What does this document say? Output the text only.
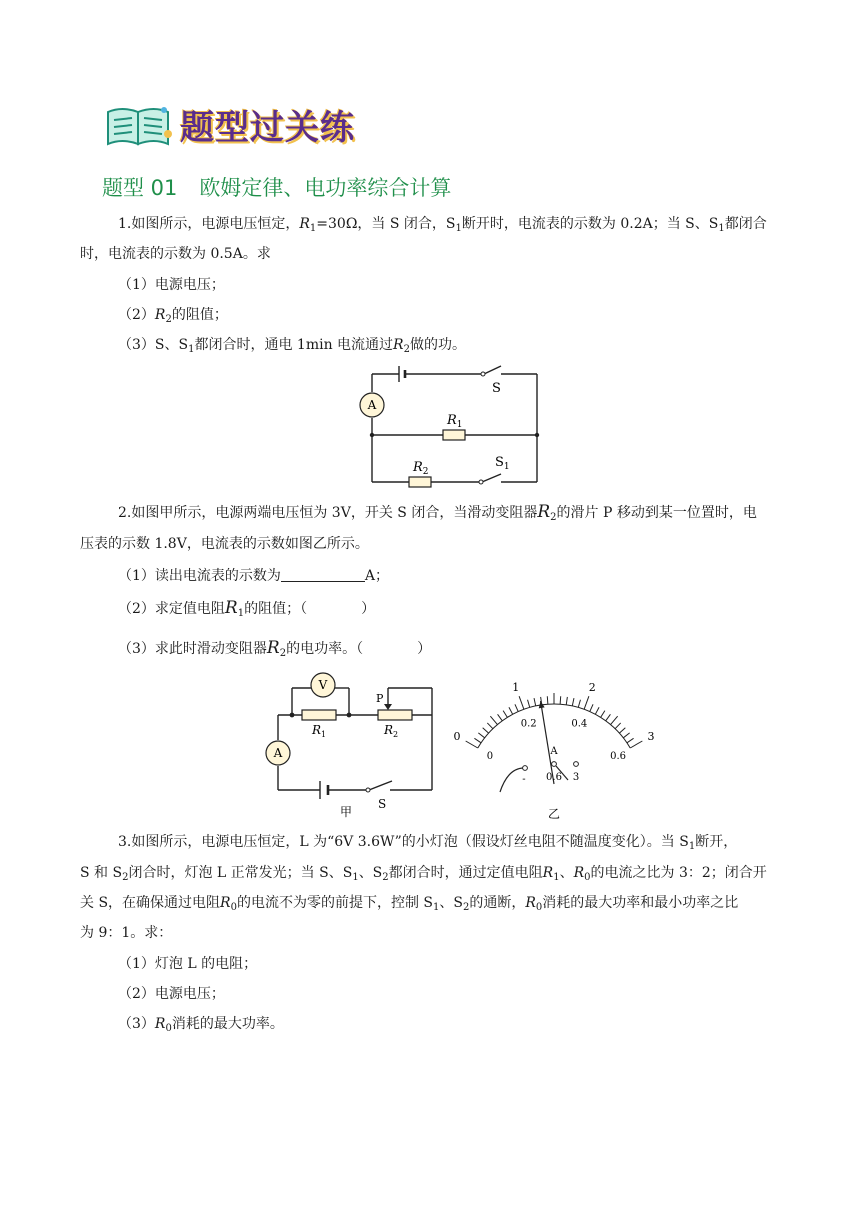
题型过关练
题型 01 欧姆定律、电功率综合计算
1.如图所示，电源电压恒定，$R_1=30\Omega$，当 S 闭合，$S_1$断开时，电流表的示数为 0.2A；当 S、$S_1$都闭合
时，电流表的示数为 0.5A。求
（1）电源电压；
$(2)R_2$的阻值；
（3）S、$S_1$都闭合时，通电 1min 电流通过$R_2$做的功。
A
S
$R_1$
$R_2$
$S_1$
2.如图甲所示，电源两端电压恒为 3V，开关 S 闭合，当滑动变阻器$R_2$的滑片 P 移动到某一位置时，电
压表的示数 1.8V，电流表的示数如图乙所示。
（1）读出电流表的示数为	A；
（2）求定值电阻$R_1$的阻值；（	）
（3）求此时滑动变阻器$R_2$的电功率。（	）
V
A
P
$R_1$	$R_2$
S
甲
0
1	2
3
0
0.2	0.4
0.6
A
- 0.6 3
乙
3.如图所示，电源电压恒定，L 为“6V 3.6W”的小灯泡（假设灯丝电阻不随温度变化）。当 $S_1$断开，
S 和 $S_2$闭合时，灯泡 L 正常发光；当 S、$S_1$、$S_2$都闭合时，通过定值电阻$R_1$、$R_0$的电流之比为 3：2；闭合开
关 S，在确保通过电阻$R_0$的电流不为零的前提下，控制 $S_1$、$S_2$的通断，$R_0$消耗的最大功率和最小功率之比
为 9：1。求：
（1）灯泡 L 的电阻；
（2）电源电压；
$(3)R_0$消耗的最大功率。
